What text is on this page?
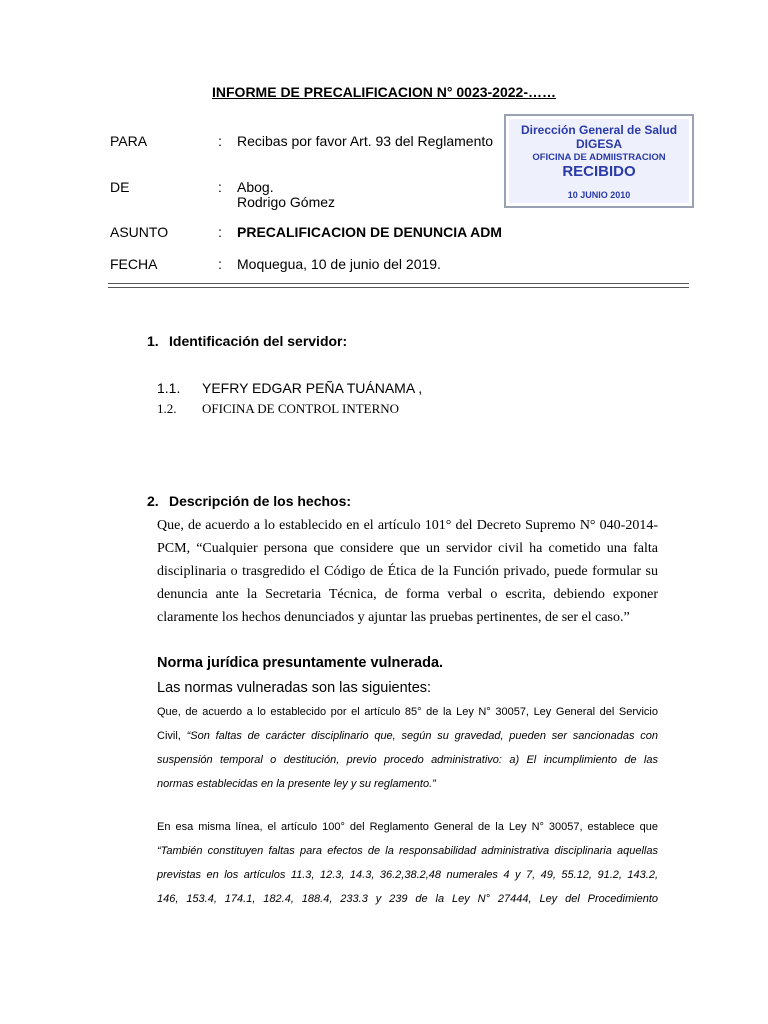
INFORME DE PRECALIFICACION N° 0023-2022-……
PARA	: Recibas por favor Art. 93 del Reglamento
DE	: Abog.
Rodrigo Gómez
ASUNTO	: PRECALIFICACION DE DENUNCIA ADM
FECHA	: Moquegua, 10 de junio del 2019.
Dirección General de Salud
DIGESA
OFICINA DE ADMIISTRACION
RECIBIDO
10 JUNIO 2010
1. Identificación del servidor:
1.1. YEFRY EDGAR PEÑA TUÁNAMA ,
1.2. OFICINA DE CONTROL INTERNO
2. Descripción de los hechos:
Que, de acuerdo a lo establecido en el artículo 101° del Decreto Supremo N° 040-2014-
PCM, “Cualquier persona que considere que un servidor civil ha cometido una falta
disciplinaria o trasgredido el Código de Ética de la Función privado, puede formular su
denuncia ante la Secretaria Técnica, de forma verbal o escrita, debiendo exponer
claramente los hechos denunciados y ajuntar las pruebas pertinentes, de ser el caso.”
Norma jurídica presuntamente vulnerada.
Las normas vulneradas son las siguientes:
Que, de acuerdo a lo establecido por el artículo 85° de la Ley N° 30057, Ley General del Servicio
Civil, “Son faltas de carácter disciplinario que, según su gravedad, pueden ser sancionadas con
suspensión temporal o destitución, previo procedo administrativo: a) El incumplimiento de las
normas establecidas en la presente ley y su reglamento.”
En esa misma línea, el artículo 100° del Reglamento General de la Ley N° 30057, establece que
“También constituyen faltas para efectos de la responsabilidad administrativa disciplinaria aquellas
previstas en los artículos 11.3, 12.3, 14.3, 36.2,38.2,48 numerales 4 y 7, 49, 55.12, 91.2, 143.2,
146, 153.4, 174.1, 182.4, 188.4, 233.3 y 239 de la Ley N° 27444, Ley del Procedimiento
